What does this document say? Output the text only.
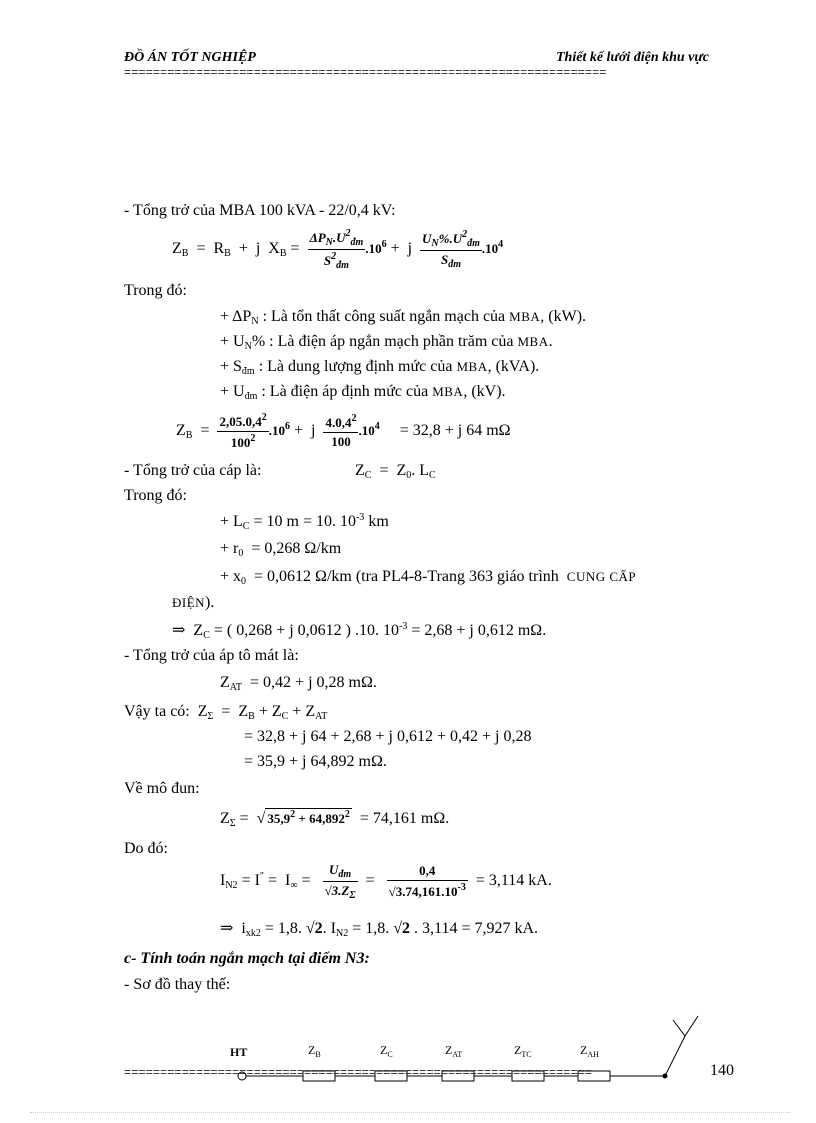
ĐỒ ÁN TỐT NGHIỆP	Thiết kế lưới điện khu vực
===================================================================
- Tổng trở của MBA 100 kVA - 22/0,4 kV:
$Z_B = R_B + j$  $X_B = \frac{\Delta P_N.U^2_{đm}}{S^2_{đm}} .10^6 + j \frac{U_N\%.U^2_{đm}}{S_{đm}} .10^4$
Trong đó:
+ $\Delta P_N$ : Là tổn thất công suất ngắn mạch của MBA, (kW).
+ $U_N\%$ : Là điện áp ngắn mạch phần trăm của MBA.
+ $S_{đm}$ : Là dung lượng định mức của MBA, (kVA).
+ $U_{đm}$ : Là điện áp định mức của MBA, (kV).
$Z_B = \frac{2,05.0,4^2}{100^2} .10^6 + j \frac{4.0,4^2}{100} .10^4 = 32,8 + j$ 64 mΩ
- Tổng trở của cáp là:	$Z_C = Z_0$. $L_C$
Trong đó:
+ $L_C = 10$ m = 10. $10^{-3}$ km
+ $r_0 = 0,268$ Ω/km
+ $x_0 = 0,0612$ Ω/km (tra PL4-8-Trang 363 giáo trình CUNG CẤP
ĐIỆN).
⇒  $Z_C$ = ( 0,268 + j 0,0612 ) .10. $10^{-3} = 2,68 + j$ 0,612 mΩ.
- Tổng trở của áp tô mát là:
$Z_{AT} = 0,42 + j$ 0,28 mΩ.
Vậy ta có:  $Z_\Sigma = Z_B + Z_C + Z_{AT}$
= 32,8 + j 64 + 2,68 + j 0,612 + 0,42 + j 0,28
= 35,9 + j 64,892 mΩ.
Về mô đun:
$Z_\Sigma$ =  √ $35,9^2 + 64,892^2 = 74,161$ mΩ.
Do đó:
$I_{N2} = I^" = I_\infty = \frac{U_{đm}}{√3.Z_\Sigma} = \frac{0,4}{√3.74,161.10^{-3}} = 3,114$ kA.
⇒  $i_{xk2} = 1,8$. √2. $I_{N2} = 1,8$. √2 . 3,114 = 7,927 kA.
c- Tính toán ngắn mạch tại điểm N3:
- Sơ đồ thay thế:
HT	$Z_B$	$Z_C$	$Z_{AT}$	$Z_{TC}$	$Z_{AH}$
=================================================================	140
